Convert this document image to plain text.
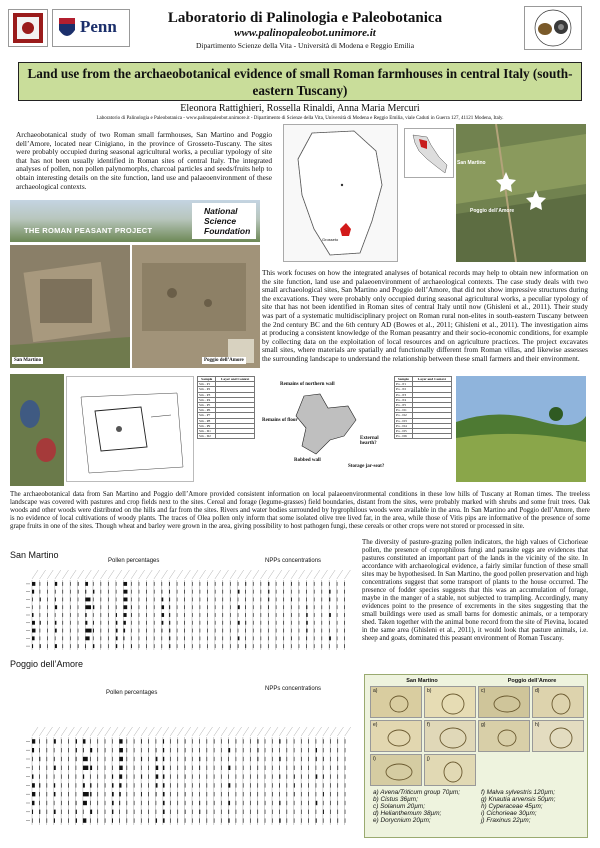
Penn	Laboratorio di Palinologia e Paleobotanica
www.palinopaleobot.unimore.it
Dipartimento Scienze della Vita - Università di Modena e Reggio Emilia
Land use from the archaeobotanical evidence of small Roman farmhouses in central Italy (south-eastern Tuscany)
Eleonora Rattighieri, Rossella Rinaldi, Anna Maria Mercuri
Laboratorio di Palinologia e Paleobotanica - www.palinopaleobot.unimore.it - Dipartimento di Scienze della Vita, Università di Modena e Reggio Emilia, viale Caduti in Guerra 127, 41121 Modena, Italy.
Archaeobotanical study of two Roman small farmhouses, San Martino and Poggio dell’Amore, located near Cinigiano, in the province of Grosseto-Tuscany. The sites were probably occupied during seasonal agricultural works, a peculiar typology of site that has not been usually identified in Roman sites of central Italy. The integrated analyses of pollen, non pollen palynomorphs, charcoal particles and seeds/fruits help to obtain interesting details on the site function, land use and palaeoenvironment of these archaeological contexts.
THE ROMAN PEASANT PROJECT
National Science Foundation
San Martino	Poggio dell’Amore
Grosseto
San Martino
Poggio dell’Amore
This work focuses on how the integrated analyses of botanical records may help to obtain new information on the site function, land use and palaeoenvironment of archaeological contexts. The case study deals with two small archaeological sites, San Martino and Poggio dell’Amore, that did not show impressive structures during the excavations. They were probably only occupied during seasonal agricultural works, a peculiar typology of site that has not been identified in Roman sites of central Italy until now (Ghisleni et al., 2011). Their study was part of a systematic multidisciplinary project on Roman rural non-elites in south-eastern Tuscany between the 2nd century BC and the 6th century AD (Bowes et al., 2011; Ghisleni et al., 2011). The investigation aims at producing a consistent knowledge of the Roman peasantry and their socio-economic conditions, for example by collecting data on the exploitation of local resources and on agriculture practices. The project excavates small sites, where materials are spatially and functionally different from Roman villas, and likewise assesses the surrounding landscape to understand the relationship between these small farmers and their environment.
Sample	Layer and Context
Sm - P1	
Sm - P2	
Sm - P3	
Sm - P4	
Sm - P5	
Sm - P6	
Sm - P7	
Sm - P8	
Sm - P9	
Sm - D1	
Sm - D2	
Remains of northern wall
Remains of floor
Robbed wall
External hearth?
Storage jar-seat?
Sample	Layer and Context
Pa - P1	
Pa - P2	
Pa - P3	
Pa - P4	
Pa - P5	
Pa - D1	
Pa - D2	
Pa - D3	
Pa - D4	
Pa - D5	
Pa - D6	
The archaeobotanical data from San Martino and Poggio dell’Amore provided consistent information on local palaeoenvironmental conditions in these low hills of Tuscany at Roman times. The treeless landscape was covered with pastures and crop fields next to the sites. Cereal and forage (legume-grasses) field boundaries, distant from the sites, were probably marked with shrubs and some fruit trees. Oak woods and other woods were distributed on the hills and far from the sites. Rivers and water bodies surrounded by hygrophilous woods were available in the area. In San Martino and Poggio dell’Amore, there is no evidence of local cultivations of woody plants. The traces of Olea pollen only inform that some isolated olive tree lived far, in the area, while those of Vitis pips are informative of the presence of some grape fruits in one of the sites. Though wheat and barley were grown in the area, giving possibility to host pathogen fungi, these cereals or other crops were not stored or processed in site.
The diversity of pasture-grazing pollen indicators, the high values of Cichorieae pollen, the presence of coprophilous fungi and parasite eggs are evidences that pastures constituted an important part of the lands in the vicinity of the site. In accordance with archaeological evidence, a fairly similar function of these small sites may be hypothesised. In San Martino, the good pollen preservation and high concentrations suggest that some transport of plants to the house occurred. The presence of fodder species suggests that this was an accumulation of forage, maybe in the manger of a stable, not subjected to trampling. Accordingly, many evidences point to the presence of excrements in the sites suggesting that the small buildings were used as small barns for domestic animals, or a temporary shed. Taken together with the animal bone record from the site of Pievina, located in the same area (Ghisleni et al., 2011), it would look that pasture animals, i.e. sheep and goats, dominated this peasant environment of Roman Tuscany.
San Martino
Pollen percentages	NPPs concentrations
Poggio dell’Amore
Pollen percentages
NPPs concentrations
San Martino	Poggio dell’Amore
a)	b)	c)	d)
e)	f)	g)	h)
i)	j)
a) Avena/Triticum group 70µm;
b) Cistus 36µm;
c) Solanum 20µm;
d) Helianthemum 38µm;
e) Dorycnium 20µm;
f) Malva sylvestris 120µm;
g) Knautia arvensis 50µm;
h) Cyperaceae 45µm;
i) Cichorieae 30µm;
j) Fraxinus 22µm;
